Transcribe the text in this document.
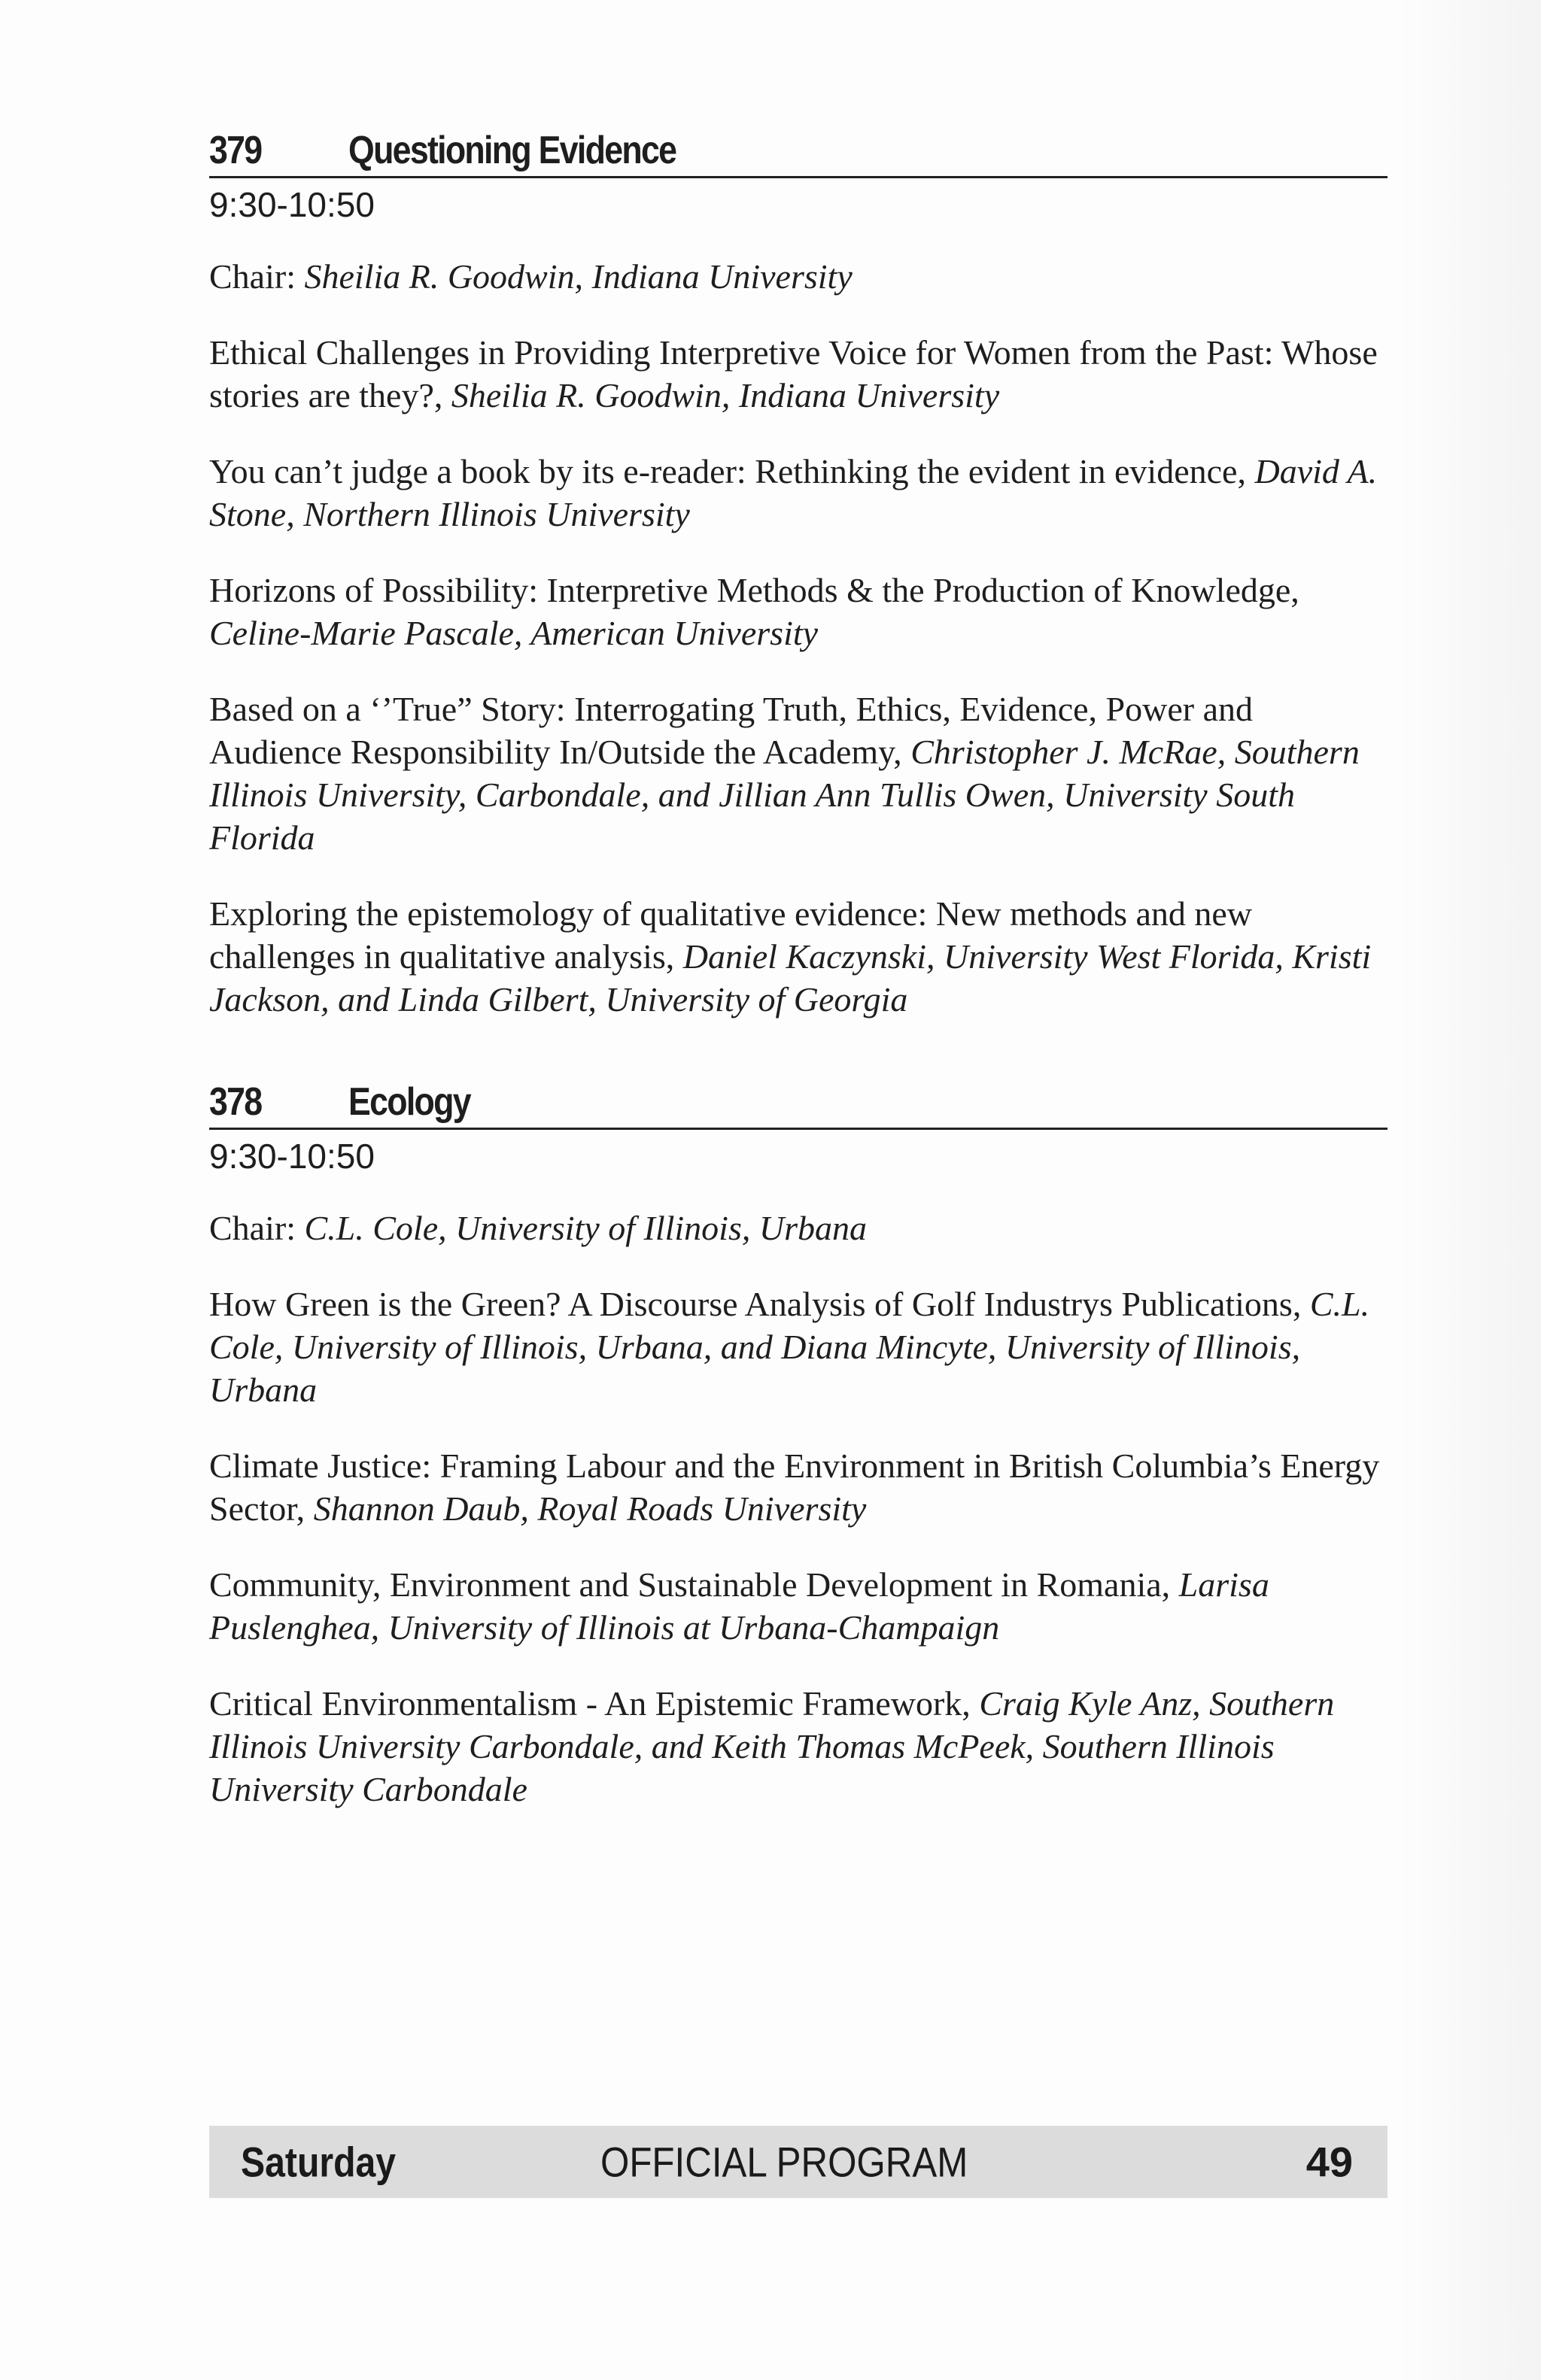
379	Questioning Evidence
9:30-10:50
Chair: Sheilia R. Goodwin, Indiana University
Ethical Challenges in Providing Interpretive Voice for Women from the Past: Whose stories are they?, Sheilia R. Goodwin, Indiana University
You can’t judge a book by its e-reader: Rethinking the evident in evidence, David A. Stone, Northern Illinois University
Horizons of Possibility: Interpretive Methods & the Production of Knowledge, Celine-Marie Pascale, American University
Based on a ‘’True” Story: Interrogating Truth, Ethics, Evidence, Power and Audience Responsibility In/Outside the Academy, Christopher J. McRae, Southern Illinois University, Carbondale, and Jillian Ann Tullis Owen, University South Florida
Exploring the epistemology of qualitative evidence: New methods and new challenges in qualitative analysis, Daniel Kaczynski, University West Florida, Kristi Jackson, and Linda Gilbert, University of Georgia
378	Ecology
9:30-10:50
Chair: C.L. Cole, University of Illinois, Urbana
How Green is the Green? A Discourse Analysis of Golf Industrys Publications, C.L. Cole, University of Illinois, Urbana, and Diana Mincyte, University of Illinois, Urbana
Climate Justice: Framing Labour and the Environment in British Columbia’s Energy Sector, Shannon Daub, Royal Roads University
Community, Environment and Sustainable Development in Romania, Larisa Puslenghea, University of Illinois at Urbana-Champaign
Critical Environmentalism - An Epistemic Framework, Craig Kyle Anz, Southern Illinois University Carbondale, and Keith Thomas McPeek, Southern Illinois University Carbondale
Saturday	OFFICIAL PROGRAM	49
